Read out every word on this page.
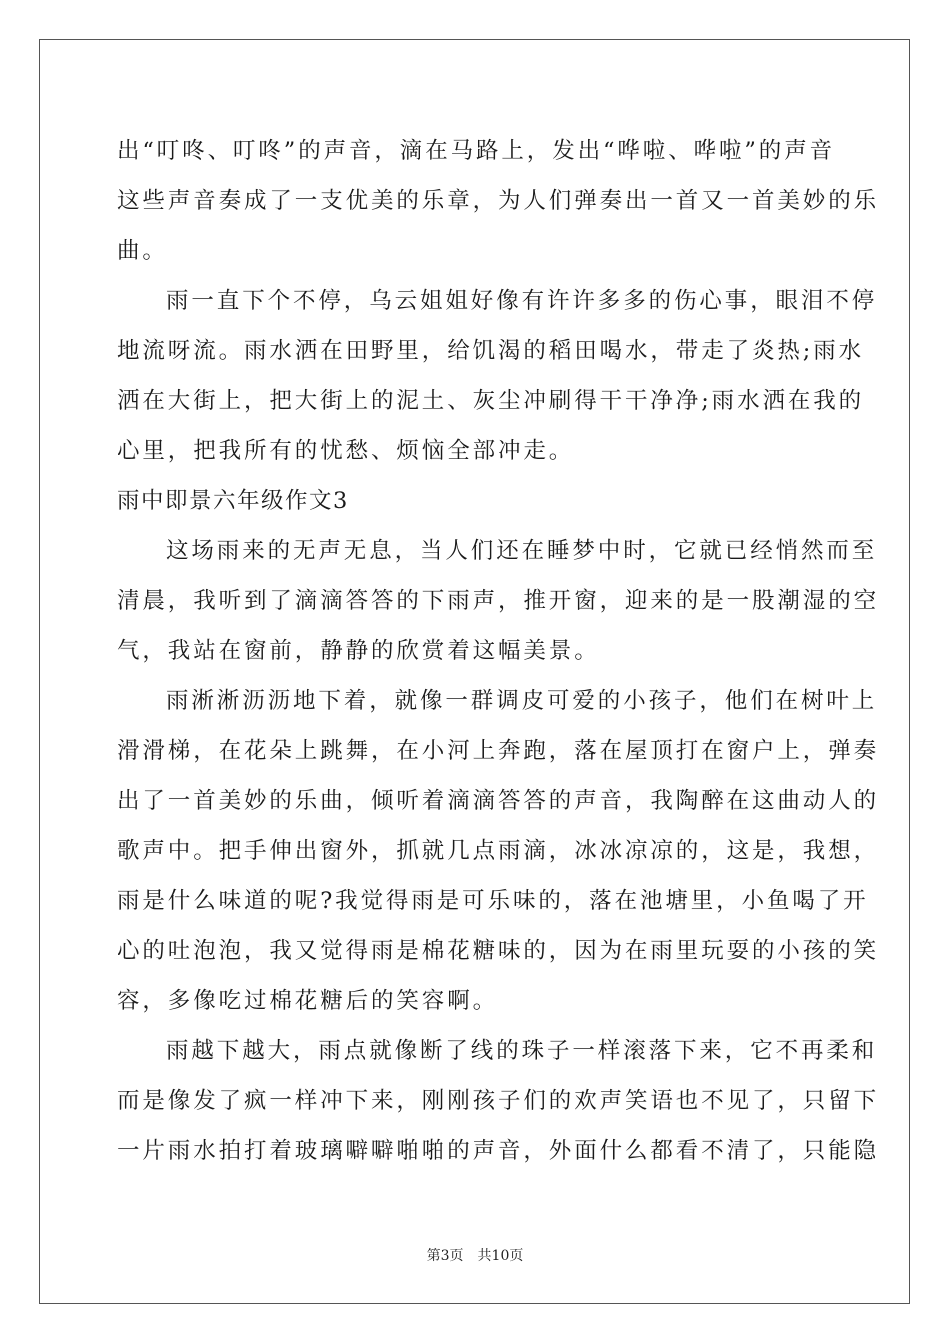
出“叮咚、叮咚”的声音，滴在马路上，发出“哗啦、哗啦”的声音
这些声音奏成了一支优美的乐章，为人们弹奏出一首又一首美妙的乐
曲。
雨一直下个不停，乌云姐姐好像有许许多多的伤心事，眼泪不停
地流呀流。雨水洒在田野里，给饥渴的稻田喝水，带走了炎热;雨水
洒在大街上，把大街上的泥土、灰尘冲刷得干干净净;雨水洒在我的
心里，把我所有的忧愁、烦恼全部冲走。
雨中即景六年级作文3
这场雨来的无声无息，当人们还在睡梦中时，它就已经悄然而至
清晨，我听到了滴滴答答的下雨声，推开窗，迎来的是一股潮湿的空
气，我站在窗前，静静的欣赏着这幅美景。
雨淅淅沥沥地下着，就像一群调皮可爱的小孩子，他们在树叶上
滑滑梯，在花朵上跳舞，在小河上奔跑，落在屋顶打在窗户上，弹奏
出了一首美妙的乐曲，倾听着滴滴答答的声音，我陶醉在这曲动人的
歌声中。把手伸出窗外，抓就几点雨滴，冰冰凉凉的，这是，我想，
雨是什么味道的呢?我觉得雨是可乐味的，落在池塘里，小鱼喝了开
心的吐泡泡，我又觉得雨是棉花糖味的，因为在雨里玩耍的小孩的笑
容，多像吃过棉花糖后的笑容啊。
雨越下越大，雨点就像断了线的珠子一样滚落下来，它不再柔和
而是像发了疯一样冲下来，刚刚孩子们的欢声笑语也不见了，只留下
一片雨水拍打着玻璃噼噼啪啪的声音，外面什么都看不清了，只能隐
第3页 共10页
